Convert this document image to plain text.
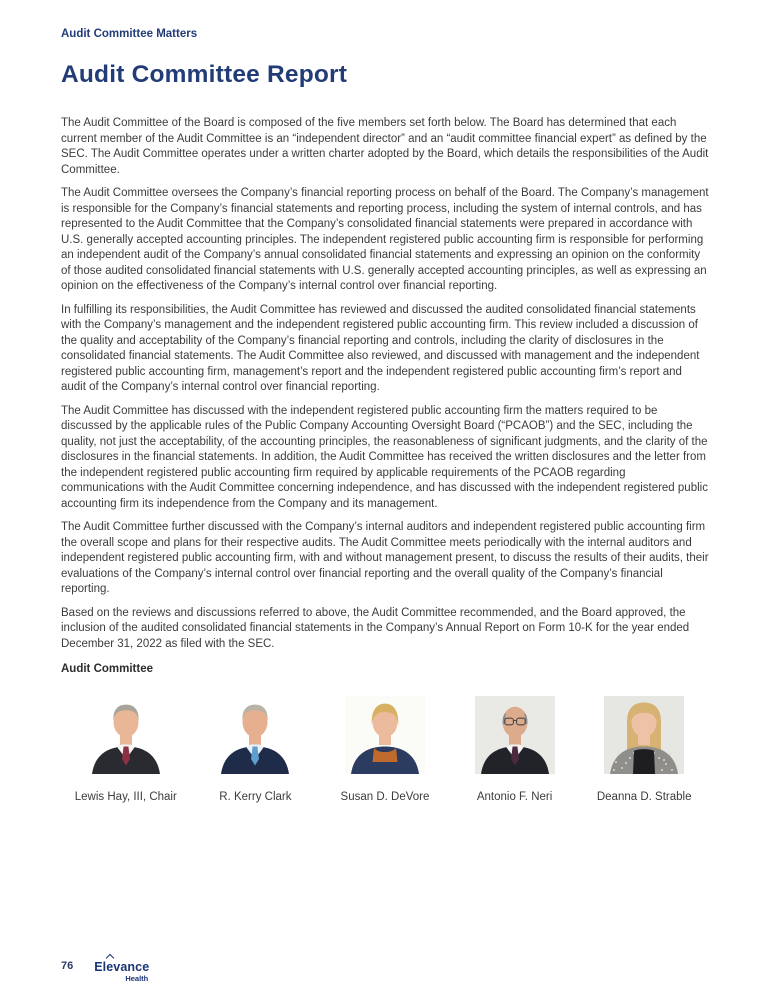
Audit Committee Matters
Audit Committee Report

The Audit Committee of the Board is composed of the five members set forth below. The Board has determined that each current member of the Audit Committee is an “independent director” and an “audit committee financial expert” as defined by the SEC. The Audit Committee operates under a written charter adopted by the Board, which details the responsibilities of the Audit Committee.

The Audit Committee oversees the Company’s financial reporting process on behalf of the Board. The Company’s management is responsible for the Company’s financial statements and reporting process, including the system of internal controls, and has represented to the Audit Committee that the Company’s consolidated financial statements were prepared in accordance with U.S. generally accepted accounting principles. The independent registered public accounting firm is responsible for performing an independent audit of the Company’s annual consolidated financial statements and expressing an opinion on the conformity of those audited consolidated financial statements with U.S. generally accepted accounting principles, as well as expressing an opinion on the effectiveness of the Company’s internal control over financial reporting.

In fulfilling its responsibilities, the Audit Committee has reviewed and discussed the audited consolidated financial statements with the Company’s management and the independent registered public accounting firm. This review included a discussion of the quality and acceptability of the Company’s financial reporting and controls, including the clarity of disclosures in the consolidated financial statements. The Audit Committee also reviewed, and discussed with management and the independent registered public accounting firm, management’s report and the independent registered public accounting firm’s report and audit of the Company’s internal control over financial reporting.

The Audit Committee has discussed with the independent registered public accounting firm the matters required to be discussed by the applicable rules of the Public Company Accounting Oversight Board (“PCAOB”) and the SEC, including the quality, not just the acceptability, of the accounting principles, the reasonableness of significant judgments, and the clarity of the disclosures in the financial statements. In addition, the Audit Committee has received the written disclosures and the letter from the independent registered public accounting firm required by applicable requirements of the PCAOB regarding communications with the Audit Committee concerning independence, and has discussed with the independent registered public accounting firm its independence from the Company and its management.

The Audit Committee further discussed with the Company’s internal auditors and independent registered public accounting firm the overall scope and plans for their respective audits. The Audit Committee meets periodically with the internal auditors and independent registered public accounting firm, with and without management present, to discuss the results of their audits, their evaluations of the Company’s internal control over financial reporting and the overall quality of the Company’s financial reporting.

Based on the reviews and discussions referred to above, the Audit Committee recommended, and the Board approved, the inclusion of the audited consolidated financial statements in the Company’s Annual Report on Form 10-K for the year ended December 31, 2022 as filed with the SEC.

Audit Committee
Lewis Hay, III, Chair	R. Kerry Clark	Susan D. DeVore	Antonio F. Neri	Deanna D. Strable
76 Elevance
Health
